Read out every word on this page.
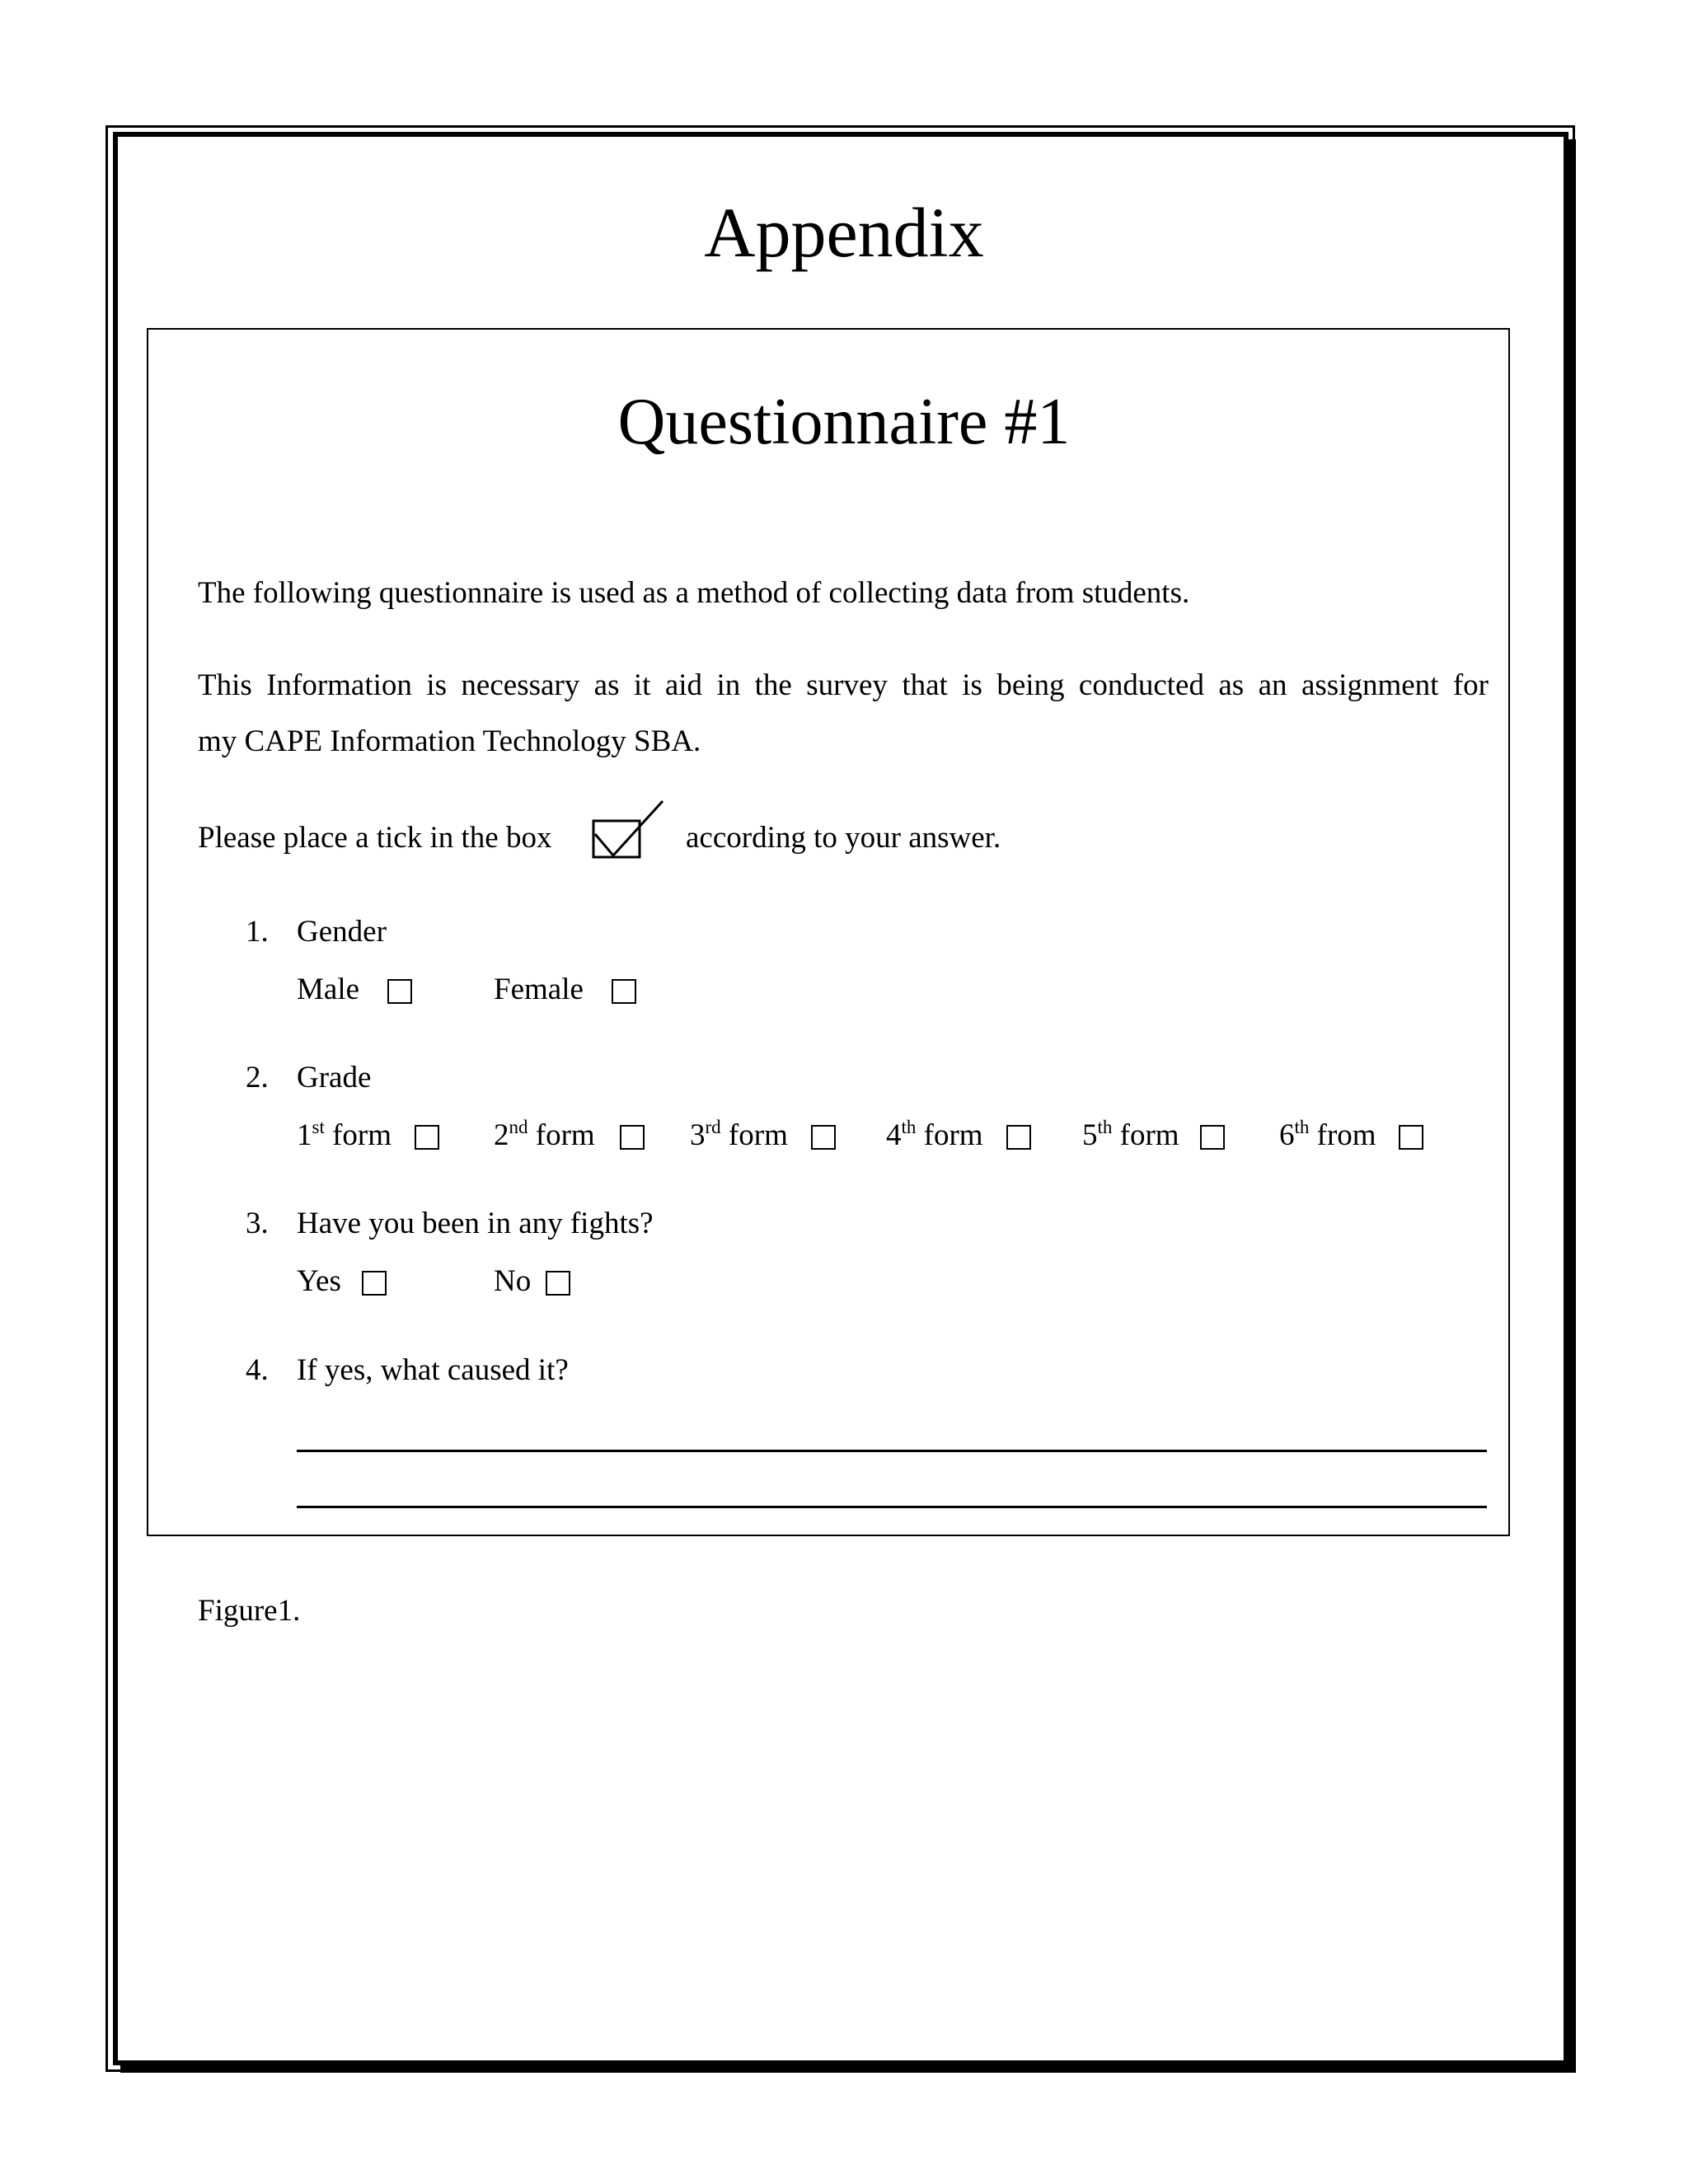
Appendix
Questionnaire #1
The following questionnaire is used as a method of collecting data from students.
This Information is necessary as it aid in the survey that is being conducted as an assignment for
my CAPE Information Technology SBA.
Please place a tick in the box	according to your answer.
1. Gender
Male	Female
2. Grade
1st form	2nd form	3rd form	4th form	5th form	6th from
3. Have you been in any fights?
Yes	No
4. If yes, what caused it?
Figure1.
